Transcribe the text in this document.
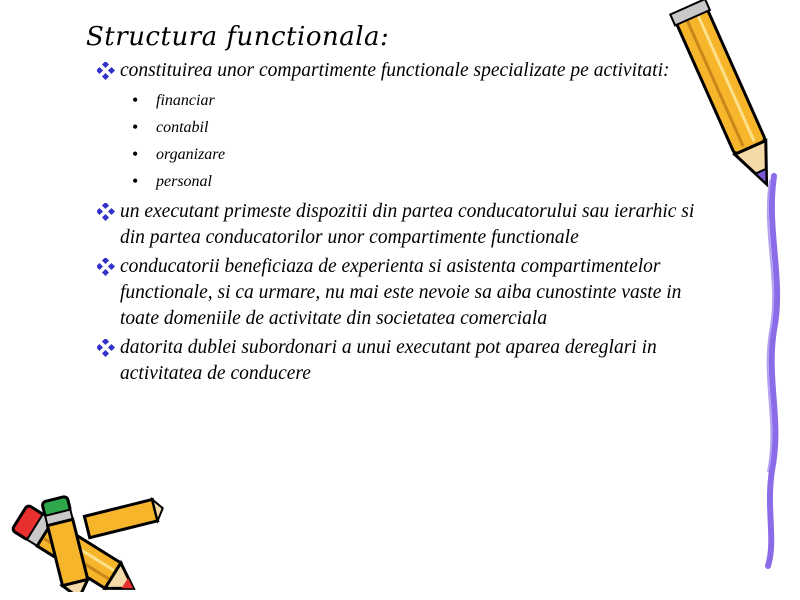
Structura functionala:
constituirea unor compartimente functionale specializate pe activitati:
• financiar
• contabil
• organizare
• personal
un executant primeste dispozitii din partea conducatorului sau ierarhic si din partea conducatorilor unor compartimente functionale
conducatorii beneficiaza de experienta si asistenta compartimentelor functionale, si ca urmare, nu mai este nevoie sa aiba cunostinte vaste in toate domeniile de activitate din societatea comerciala
datorita dublei subordonari a unui executant pot aparea dereglari in activitatea de conducere
